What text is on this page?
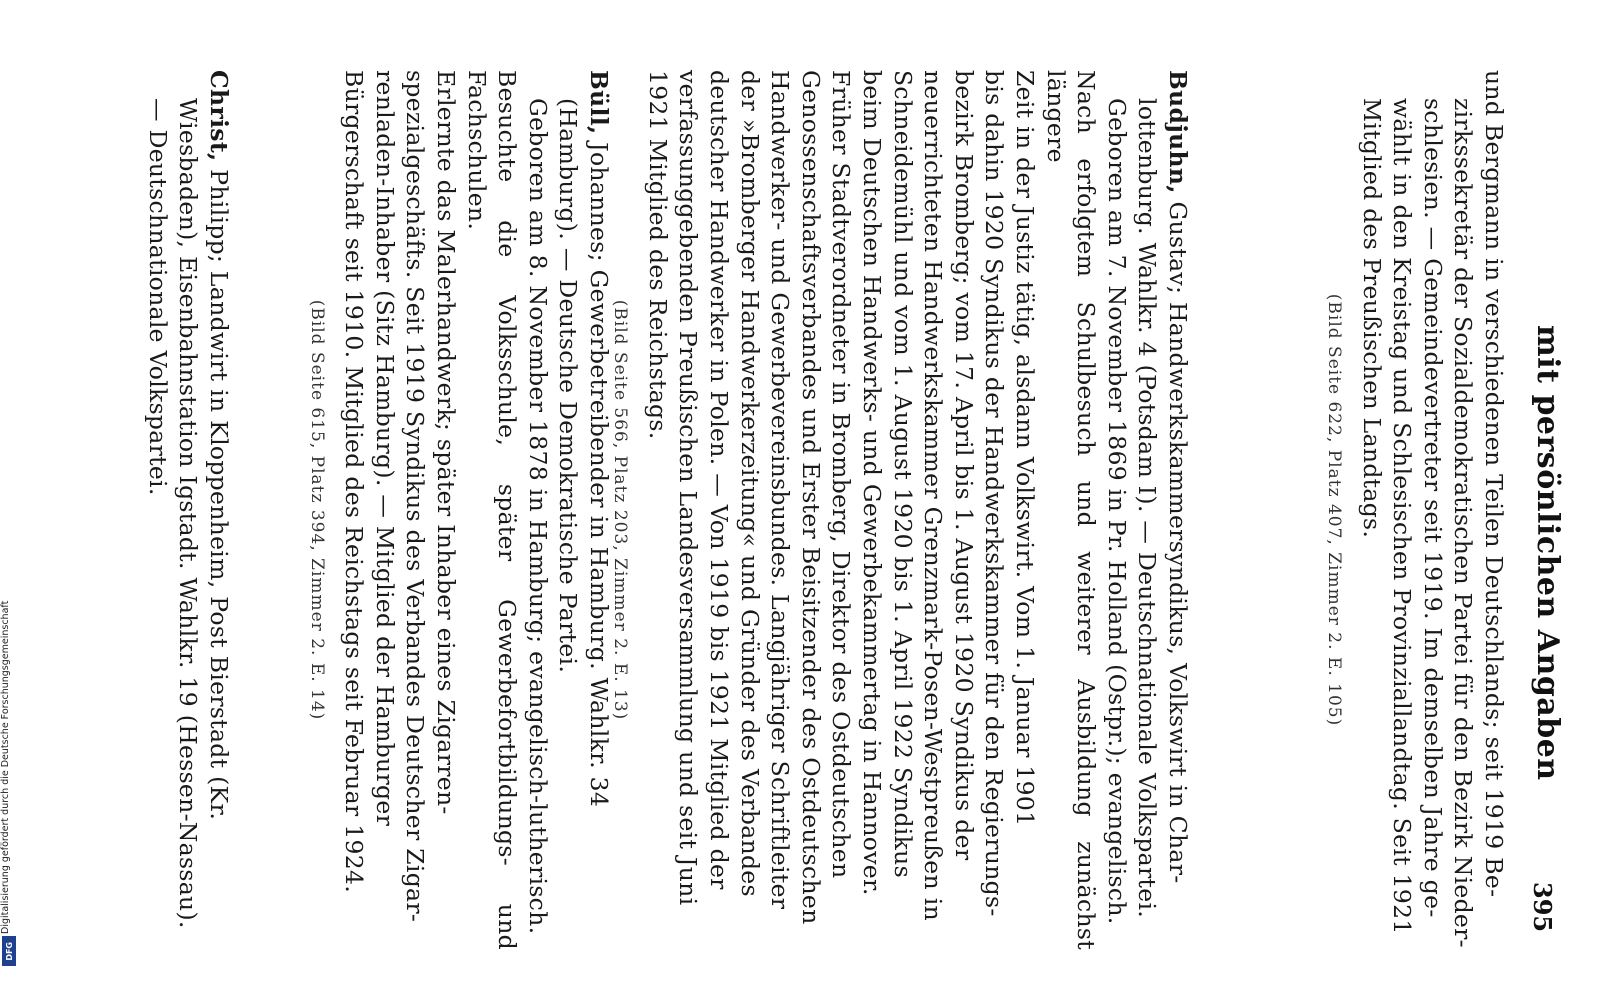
Digitalisierung gefördert durch die Deutsche Forschungsgemeinschaft
DFG
mit persönlichen Angaben
395

und Bergmann in verschiedenen Teilen Deutschlands; seit 1919 Be-

zirkssekretär der Sozialdemokratischen Partei für den Bezirk Nieder-

schlesien. — Gemeindevertreter seit 1919. Im demselben Jahre ge-

wählt in den Kreistag und Schlesischen Provinziallandtag. Seit 1921

Mitglied des Preußischen Landtags.

(Bild Seite 622, Platz 407, Zimmer 2. E. 105)

Budjuhn, Gustav; Handwerkskammersyndikus, Volkswirt in Char-

lottenburg. Wahlkr. 4 (Potsdam I). — Deutschnationale Volkspartei.

Geboren am 7. November 1869 in Pr. Holland (Ostpr.); evangelisch.

Nach erfolgtem Schulbesuch und weiterer Ausbildung zunächst längere

Zeit in der Justiz tätig, alsdann Volkswirt. Vom 1. Januar 1901

bis dahin 1920 Syndikus der Handwerkskammer für den Regierungs-

bezirk Bromberg; vom 17. April bis 1. August 1920 Syndikus der

neuerrichteten Handwerkskammer Grenzmark-Posen-Westpreußen in

Schneidemühl und vom 1. August 1920 bis 1. April 1922 Syndikus

beim Deutschen Handwerks- und Gewerbekammertag in Hannover.

Früher Stadtverordneter in Bromberg, Direktor des Ostdeutschen

Genossenschaftsverbandes und Erster Beisitzender des Ostdeutschen

Handwerker- und Gewerbevereinsbundes. Langjähriger Schriftleiter

der »Bromberger Handwerkerzeitung« und Gründer des Verbandes

deutscher Handwerker in Polen. — Von 1919 bis 1921 Mitglied der

verfassunggebenden Preußischen Landesversammlung und seit Juni

1921 Mitglied des Reichstags.

(Bild Seite 566, Platz 203, Zimmer 2. E. 13)

Büll, Johannes; Gewerbetreibender in Hamburg. Wahlkr. 34

(Hamburg). — Deutsche Demokratische Partei.

Geboren am 8. November 1878 in Hamburg; evangelisch-lutherisch.

Besuchte die Volksschule, später Gewerbefortbildungs- und Fachschulen.

Erlernte das Malerhandwerk; später Inhaber eines Zigarren-

spezialgeschäfts. Seit 1919 Syndikus des Verbandes Deutscher Zigar-

renladen-Inhaber (Sitz Hamburg). — Mitglied der Hamburger

Bürgerschaft seit 1910. Mitglied des Reichstags seit Februar 1924.

(Bild Seite 615, Platz 394, Zimmer 2. E. 14)

Christ, Philipp; Landwirt in Kloppenheim, Post Bierstadt (Kr.

Wiesbaden), Eisenbahnstation Igstadt. Wahlkr. 19 (Hessen-Nassau).

— Deutschnationale Volkspartei.
